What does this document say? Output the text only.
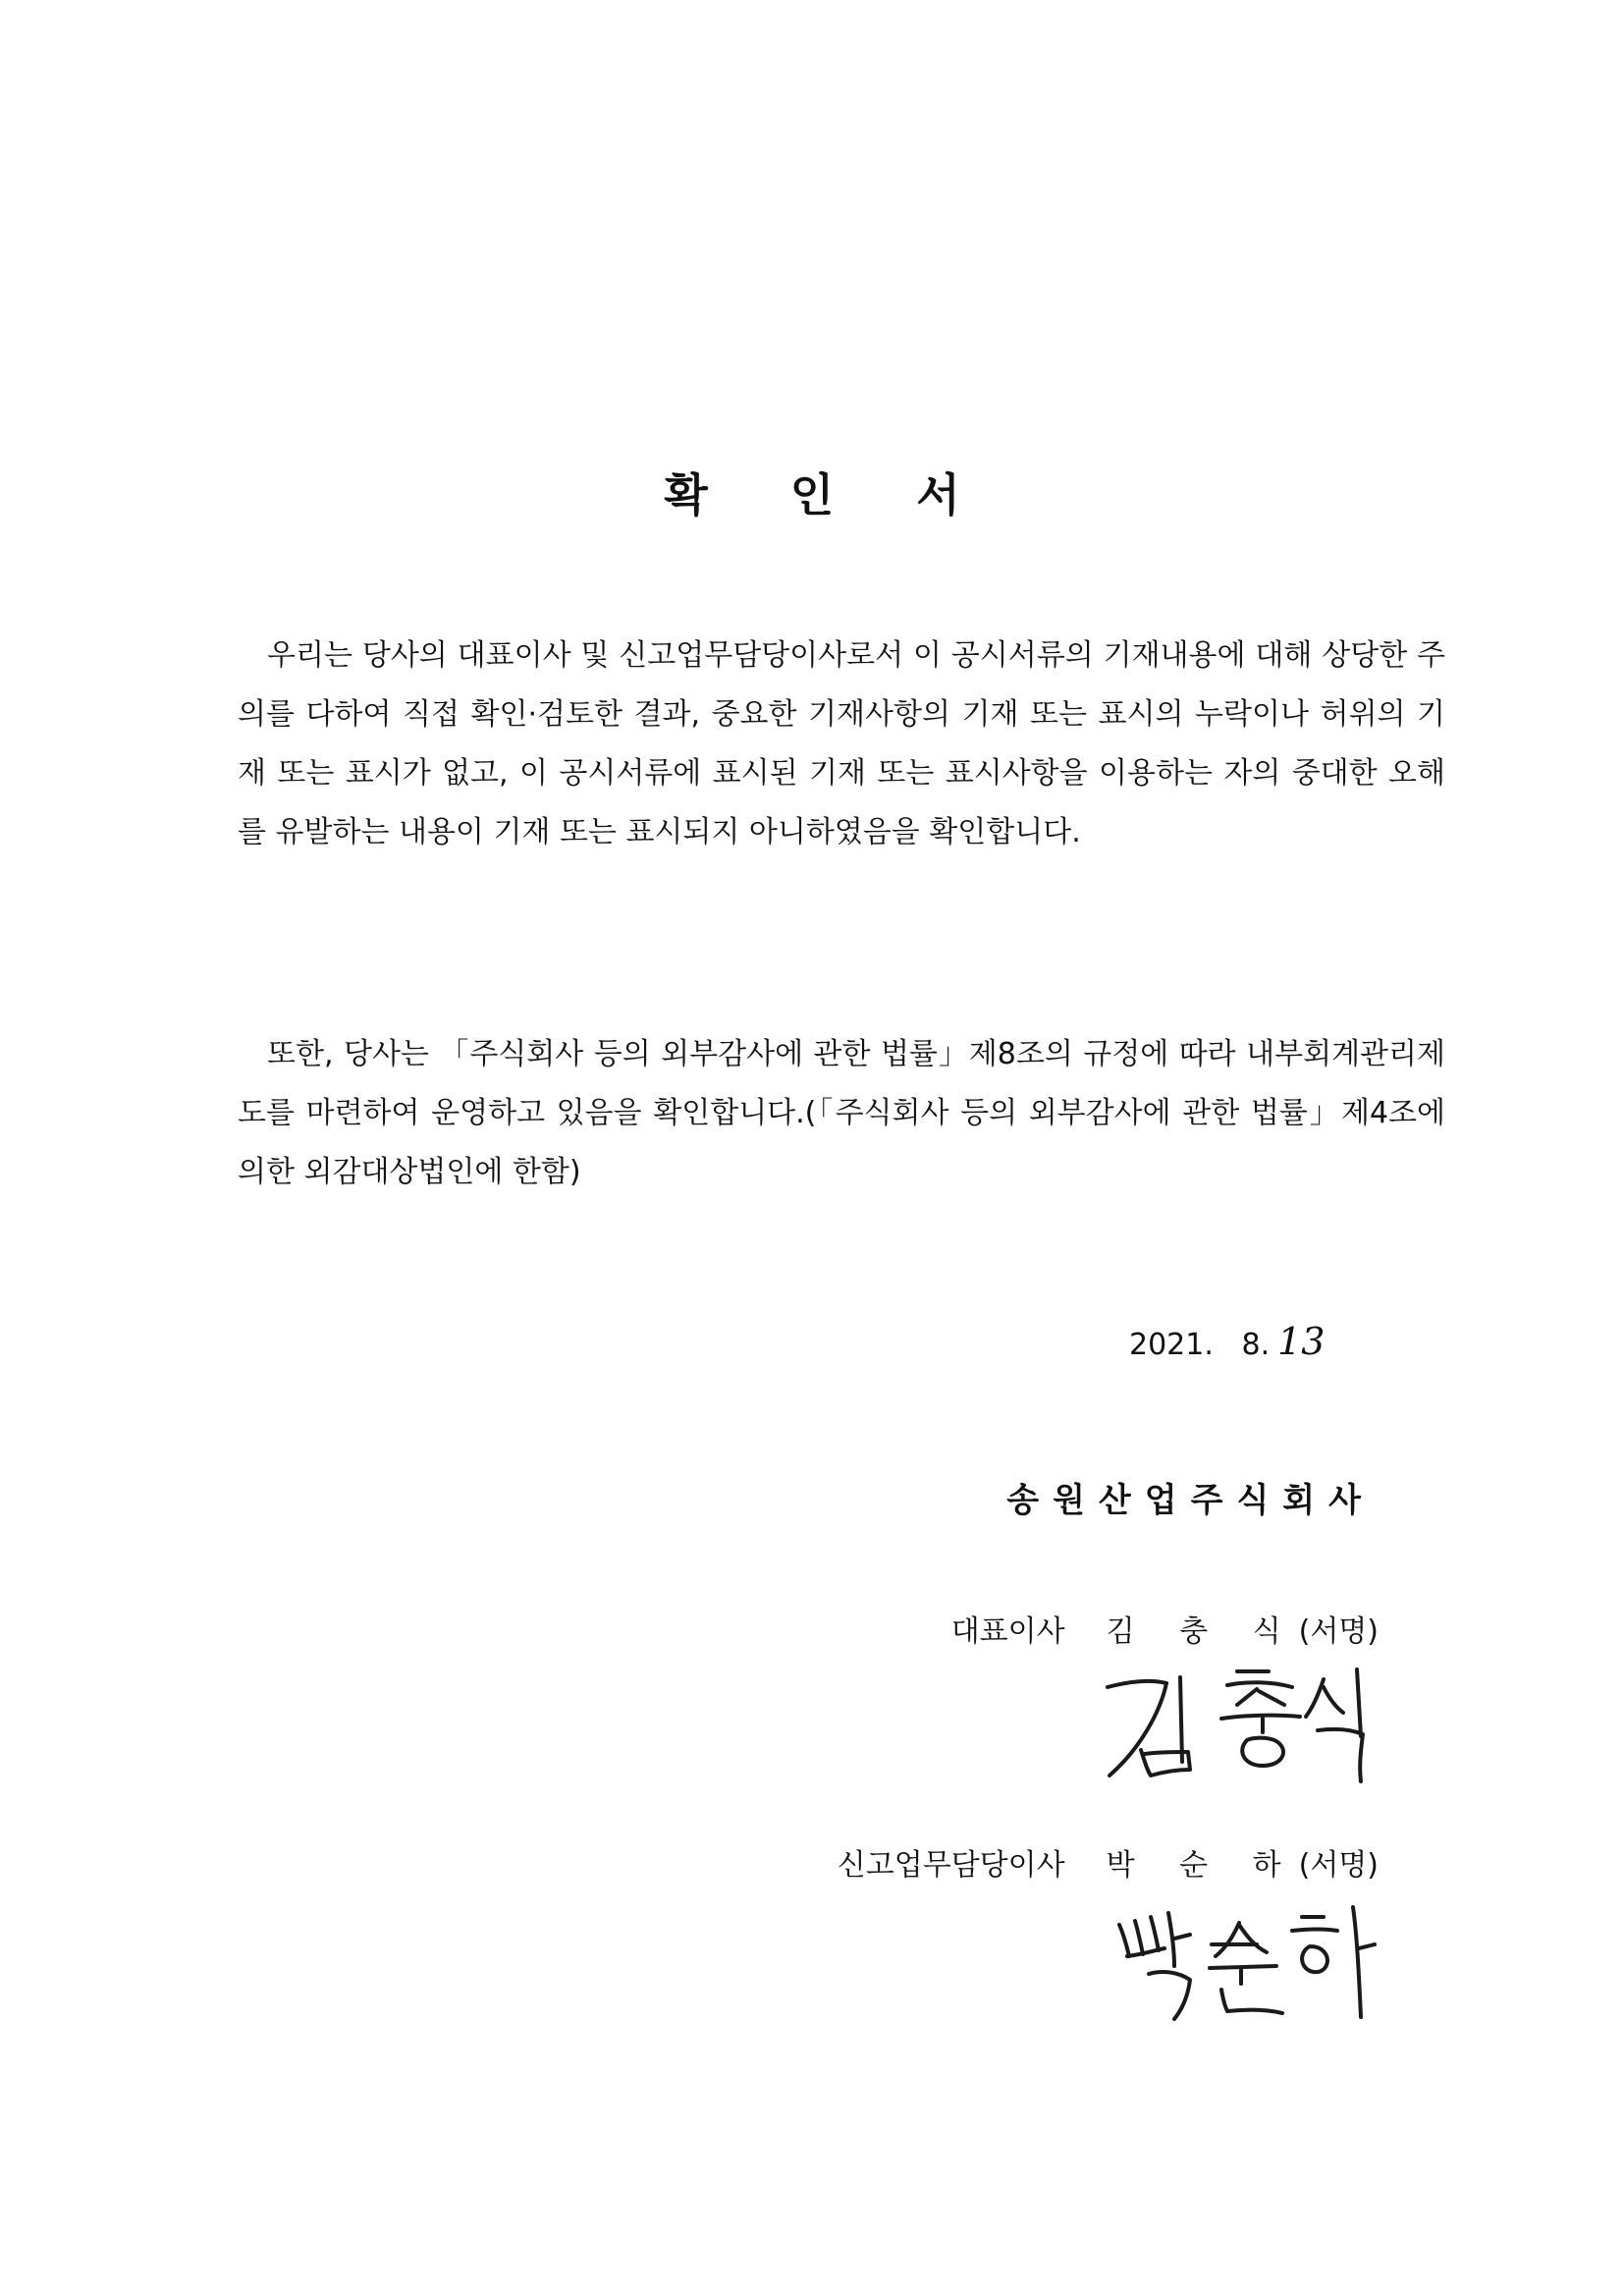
확 인 서

우리는 당사의 대표이사 및 신고업무담당이사로서 이 공시서류의 기재내용에 대해 상당한 주의를 다하여 직접 확인·검토한 결과, 중요한 기재사항의 기재 또는 표시의 누락이나 허위의 기재 또는 표시가 없고, 이 공시서류에 표시된 기재 또는 표시사항을 이용하는 자의 중대한 오해를 유발하는 내용이 기재 또는 표시되지 아니하였음을 확인합니다.

또한, 당사는 「주식회사 등의 외부감사에 관한 법률」제8조의 규정에 따라 내부회계관리제도를 마련하여 운영하고 있음을 확인합니다.(「주식회사 등의 외부감사에 관한 법률」제4조에 의한 외감대상법인에 한함)

2021.   8. 13
송원산업주식회사
대표이사 김 충 식(서명)
신고업무담당이사 박 순 하(서명)
